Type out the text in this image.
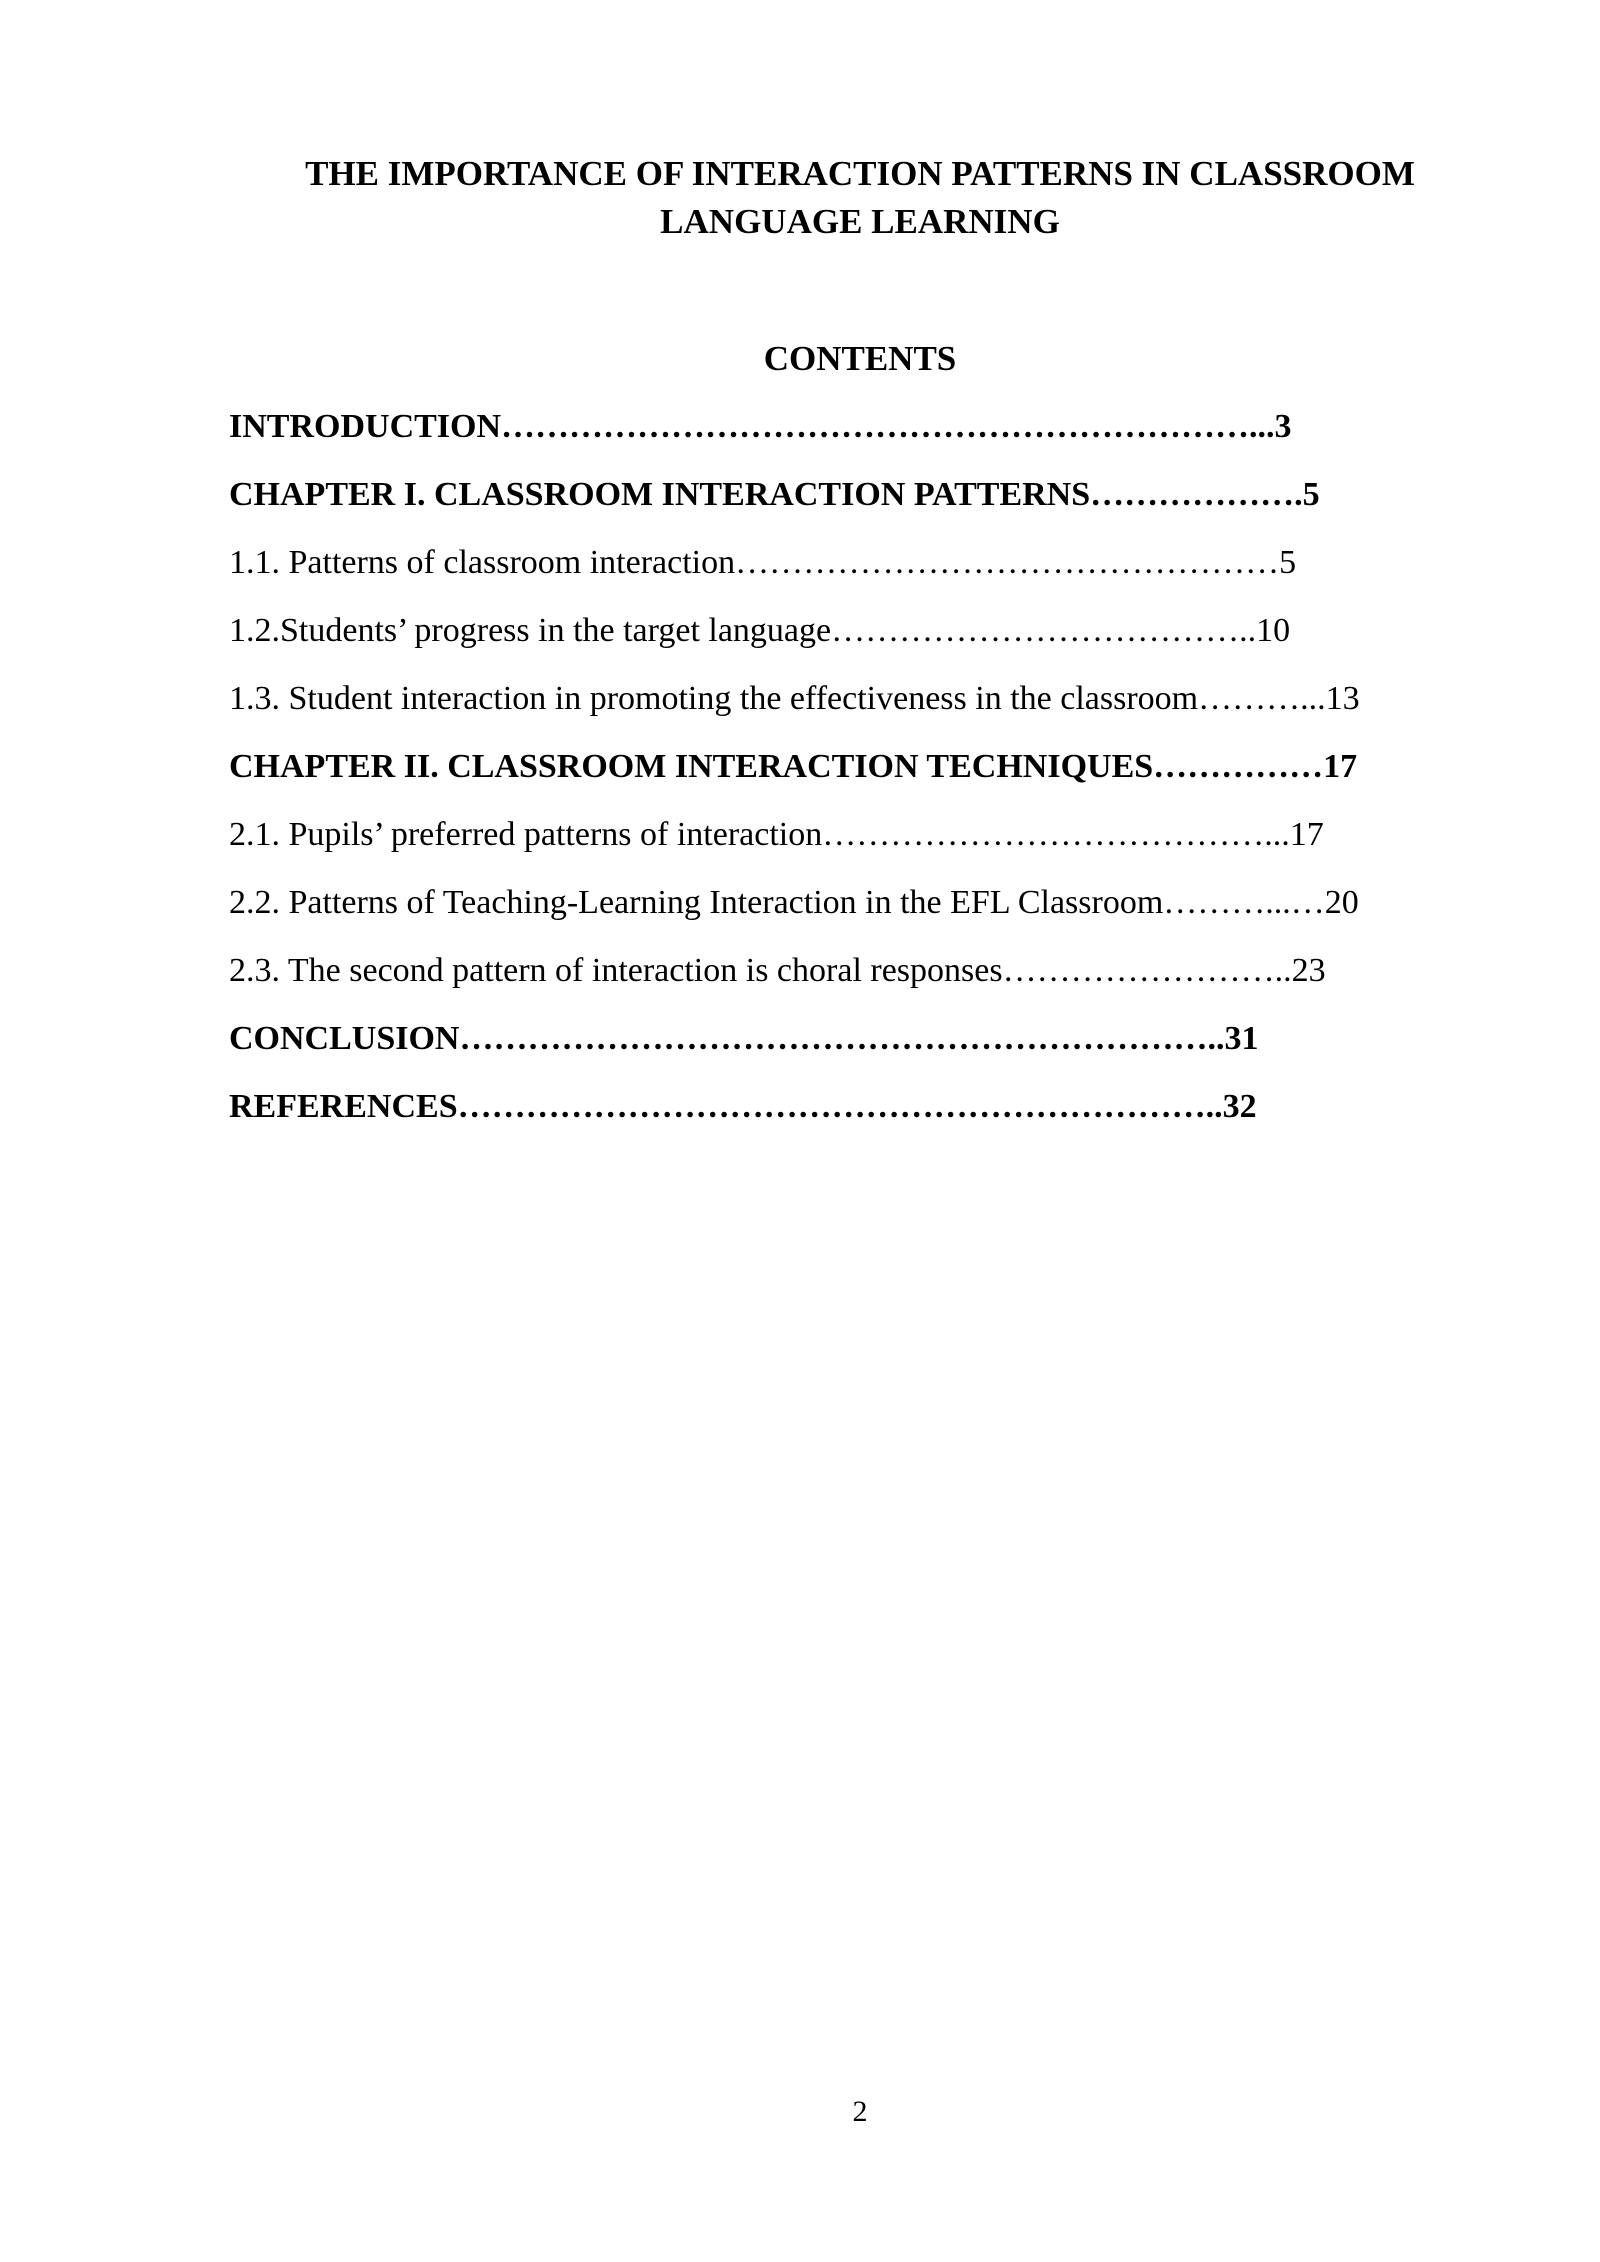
THE IMPORTANCE OF INTERACTION PATTERNS IN CLASSROOM
LANGUAGE LEARNING
CONTENTS

INTRODUCTION…………………………………………………………...3

CHAPTER I. CLASSROOM INTERACTION PATTERNS……………….5

1.1. Patterns of classroom interaction…………………………………………5

1.2.Students’ progress in the target language………………………………..10

1.3. Student interaction in promoting the effectiveness in the classroom………...13

CHAPTER II. CLASSROOM INTERACTION TECHNIQUES……………17

2.1. Pupils’ preferred patterns of interaction…………………………………...17

2.2. Patterns of Teaching-Learning Interaction in the EFL Classroom………...…20

2.3. The second pattern of interaction is choral responses……………………..23

CONCLUSION…………………………………………………………..31

REFERENCES…………………………………………………………..32

2
